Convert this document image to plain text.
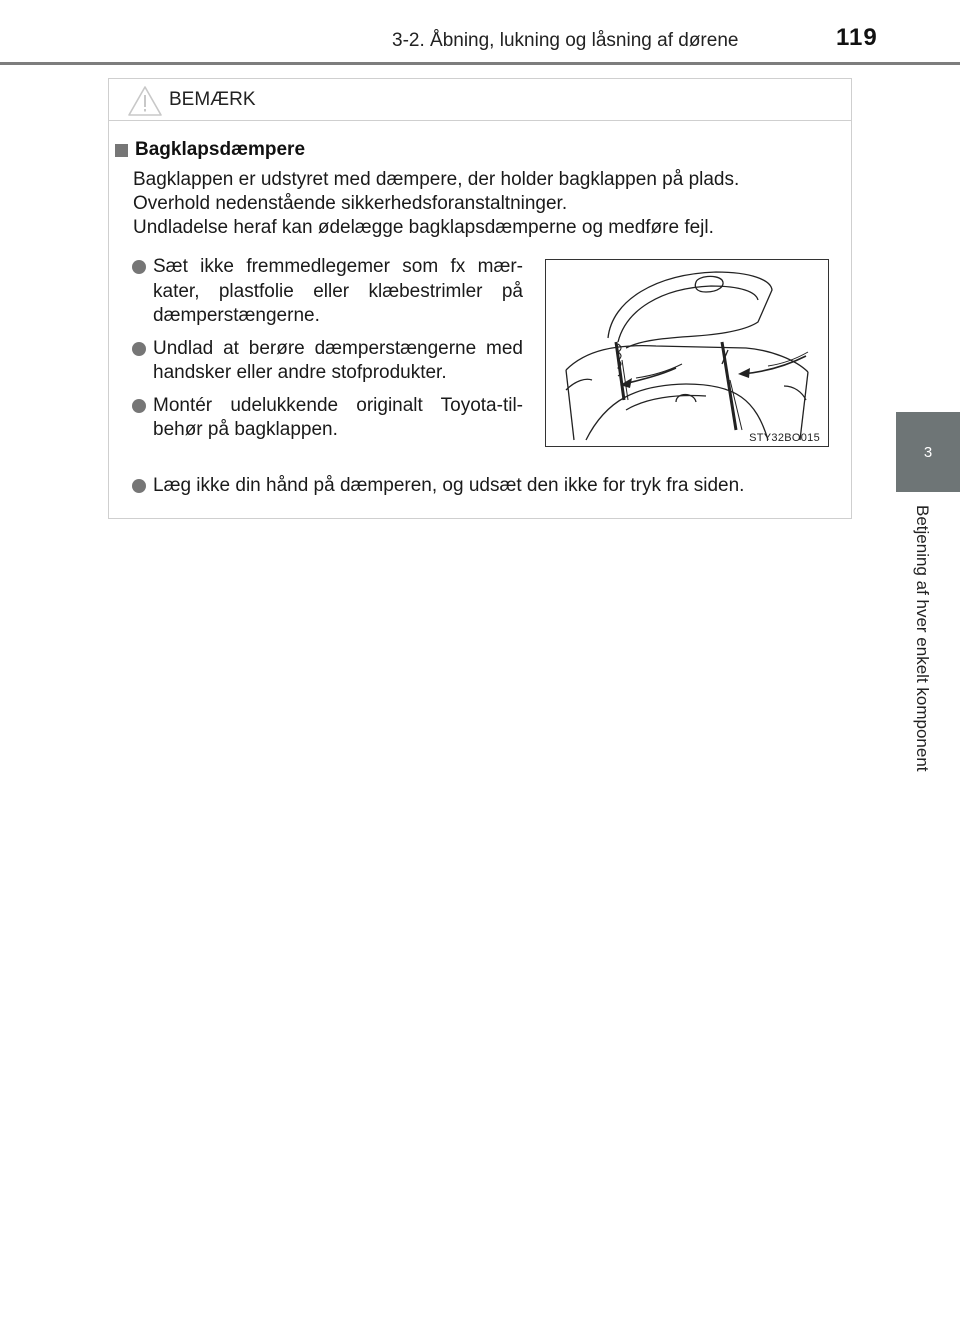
3-2. Åbning, lukning og låsning af dørene	119
3
Betjening af hver enkelt komponent
BEMÆRK
Bagklapsdæmpere
Bagklappen er udstyret med dæmpere, der holder bagklappen på plads.
Overhold nedenstående sikkerhedsforanstaltninger.
Undladelse heraf kan ødelægge bagklapsdæmperne og medføre fejl.
Sæt ikke fremmedlegemer som fx mær-kater, plastfolie eller klæbestrimler på dæmperstængerne.
Undlad at berøre dæmperstængerne med handsker eller andre stofprodukter.
Montér udelukkende originalt Toyota-til-behør på bagklappen.	STY32BO015
Læg ikke din hånd på dæmperen, og udsæt den ikke for tryk fra siden.
